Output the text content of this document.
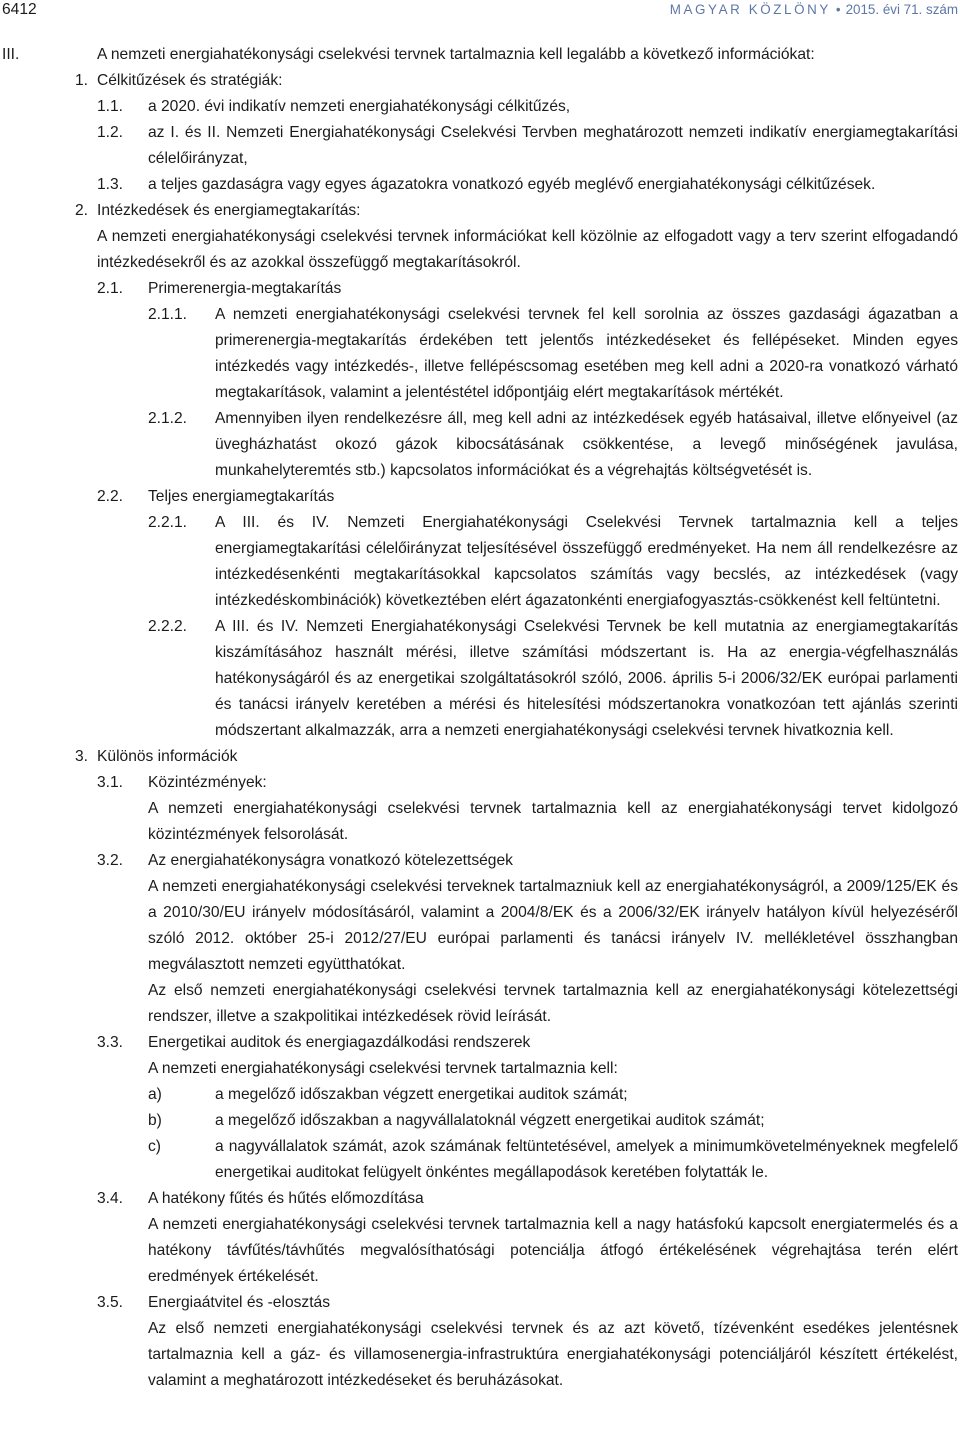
6412	MAGYAR KÖZLÖNY • 2015. évi 71. szám
III.	A nemzeti energiahatékonysági cselekvési tervnek tartalmaznia kell legalább a következő információkat:
1. Célkitűzések és stratégiák:
1.1. a 2020. évi indikatív nemzeti energiahatékonysági célkitűzés,
1.2. az I. és II. Nemzeti Energiahatékonysági Cselekvési Tervben meghatározott nemzeti indikatív energiamegtakarítási célelőirányzat,
1.3. a teljes gazdaságra vagy egyes ágazatokra vonatkozó egyéb meglévő energiahatékonysági célkitűzések.
2. Intézkedések és energiamegtakarítás:
A nemzeti energiahatékonysági cselekvési tervnek információkat kell közölnie az elfogadott vagy a terv szerint elfogadandó intézkedésekről és az azokkal összefüggő megtakarításokról.
2.1. Primerenergia-megtakarítás
2.1.1. A nemzeti energiahatékonysági cselekvési tervnek fel kell sorolnia az összes gazdasági ágazatban a primerenergia-megtakarítás érdekében tett jelentős intézkedéseket és fellépéseket. Minden egyes intézkedés vagy intézkedés-, illetve fellépéscsomag esetében meg kell adni a 2020-ra vonatkozó várható megtakarítások, valamint a jelentéstétel időpontjáig elért megtakarítások mértékét.
2.1.2. Amennyiben ilyen rendelkezésre áll, meg kell adni az intézkedések egyéb hatásaival, illetve előnyeivel (az üvegházhatást okozó gázok kibocsátásának csökkentése, a levegő minőségének javulása, munkahelyteremtés stb.) kapcsolatos információkat és a végrehajtás költségvetését is.
2.2. Teljes energiamegtakarítás
2.2.1. A III. és IV. Nemzeti Energiahatékonysági Cselekvési Tervnek tartalmaznia kell a teljes energiamegtakarítási célelőirányzat teljesítésével összefüggő eredményeket. Ha nem áll rendelkezésre az intézkedésenkénti megtakarításokkal kapcsolatos számítás vagy becslés, az intézkedések (vagy intézkedéskombinációk) következtében elért ágazatonkénti energiafogyasztás-csökkenést kell feltüntetni.
2.2.2. A III. és IV. Nemzeti Energiahatékonysági Cselekvési Tervnek be kell mutatnia az energiamegtakarítás kiszámításához használt mérési, illetve számítási módszertant is. Ha az energia-végfelhasználás hatékonyságáról és az energetikai szolgáltatásokról szóló, 2006. április 5-i 2006/32/EK európai parlamenti és tanácsi irányelv keretében a mérési és hitelesítési módszertanokra vonatkozóan tett ajánlás szerinti módszertant alkalmazzák, arra a nemzeti energiahatékonysági cselekvési tervnek hivatkoznia kell.
3. Különös információk
3.1. Közintézmények:
A nemzeti energiahatékonysági cselekvési tervnek tartalmaznia kell az energiahatékonysági tervet kidolgozó közintézmények felsorolását.
3.2. Az energiahatékonyságra vonatkozó kötelezettségek
A nemzeti energiahatékonysági cselekvési terveknek tartalmazniuk kell az energiahatékonyságról, a 2009/125/EK és a 2010/30/EU irányelv módosításáról, valamint a 2004/8/EK és a 2006/32/EK irányelv hatályon kívül helyezéséről szóló 2012. október 25-i 2012/27/EU európai parlamenti és tanácsi irányelv IV. mellékletével összhangban megválasztott nemzeti együtthatókat.
Az első nemzeti energiahatékonysági cselekvési tervnek tartalmaznia kell az energiahatékonysági kötelezettségi rendszer, illetve a szakpolitikai intézkedések rövid leírását.
3.3. Energetikai auditok és energiagazdálkodási rendszerek
A nemzeti energiahatékonysági cselekvési tervnek tartalmaznia kell:
a)	a megelőző időszakban végzett energetikai auditok számát;
b)	a megelőző időszakban a nagyvállalatoknál végzett energetikai auditok számát;
c)	a nagyvállalatok számát, azok számának feltüntetésével, amelyek a minimumkövetelményeknek megfelelő energetikai auditokat felügyelt önkéntes megállapodások keretében folytatták le.
3.4. A hatékony fűtés és hűtés előmozdítása
A nemzeti energiahatékonysági cselekvési tervnek tartalmaznia kell a nagy hatásfokú kapcsolt energiatermelés és a hatékony távfűtés/távhűtés megvalósíthatósági potenciálja átfogó értékelésének végrehajtása terén elért eredmények értékelését.
3.5. Energiaátvitel és -elosztás
Az első nemzeti energiahatékonysági cselekvési tervnek és az azt követő, tízévenként esedékes jelentésnek tartalmaznia kell a gáz- és villamosenergia-infrastruktúra energiahatékonysági potenciáljáról készített értékelést, valamint a meghatározott intézkedéseket és beruházásokat.
